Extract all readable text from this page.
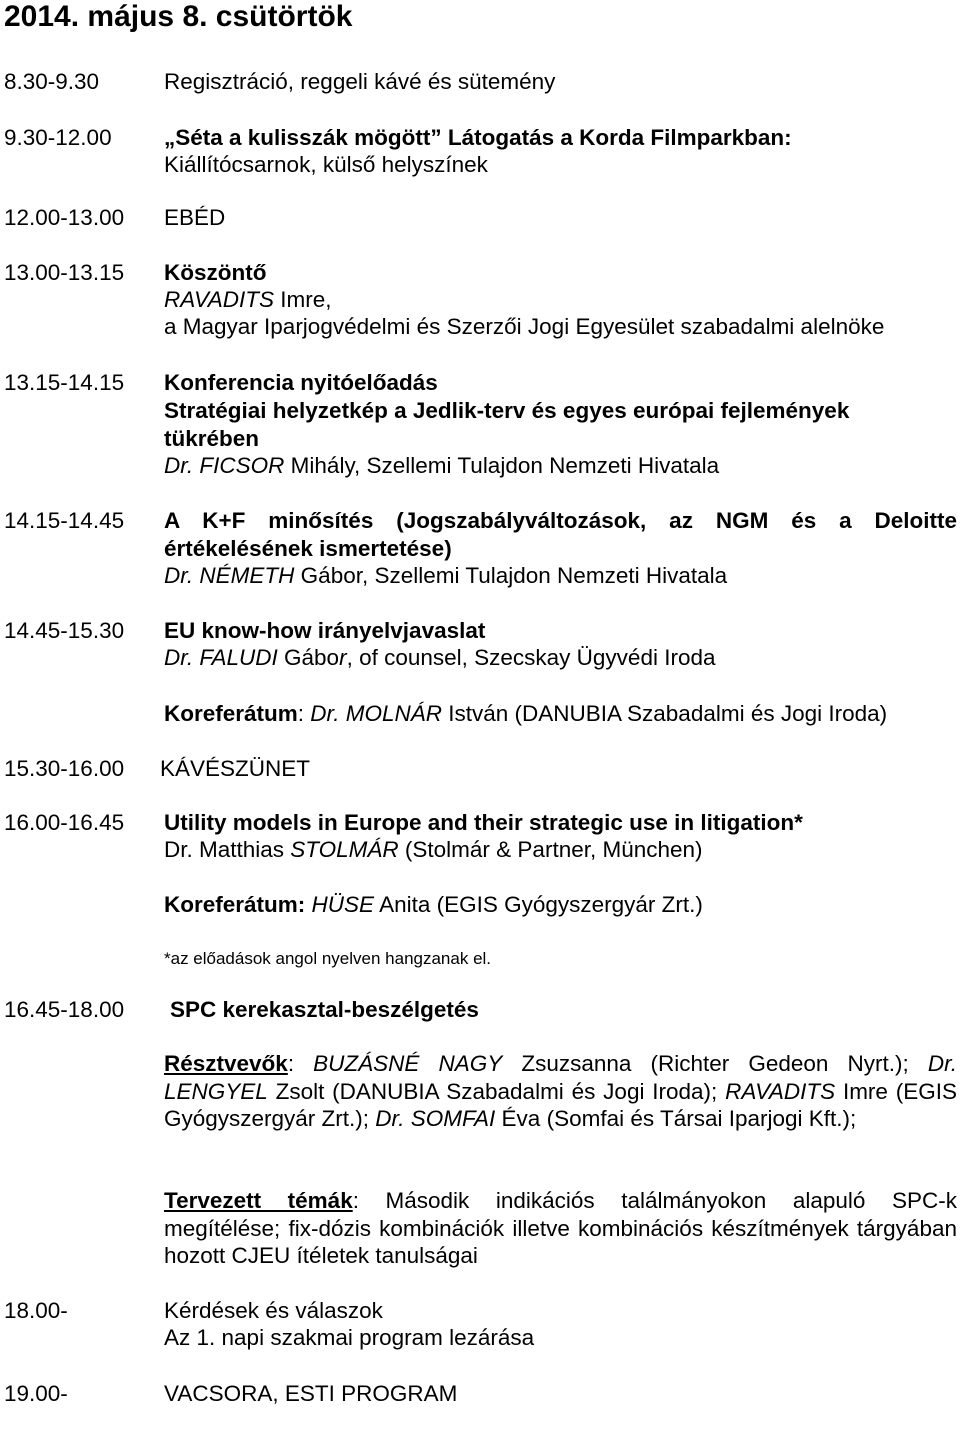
2014. május 8. csütörtök
8.30-9.30	Regisztráció, reggeli kávé és sütemény
9.30-12.00 „Séta a kulisszák mögött” Látogatás a Korda Filmparkban:
Kiállítócsarnok, külső helyszínek
12.00-13.00 EBÉD
13.00-13.15 Köszöntő
RAVADITS Imre,
a Magyar Iparjogvédelmi és Szerzői Jogi Egyesület szabadalmi alelnöke
13.15-14.15 Konferencia nyitóelőadás
Stratégiai helyzetkép a Jedlik-terv és egyes európai fejlemények
tükrében
Dr. FICSOR Mihály, Szellemi Tulajdon Nemzeti Hivatala
14.15-14.45 A K+F minősítés (Jogszabályváltozások, az NGM és a Deloitte
értékelésének ismertetése)
Dr. NÉMETH Gábor, Szellemi Tulajdon Nemzeti Hivatala
14.45-15.30 EU know-how irányelvjavaslat
Dr. FALUDI Gábor, of counsel, Szecskay Ügyvédi Iroda
Koreferátum: Dr. MOLNÁR István (DANUBIA Szabadalmi és Jogi Iroda)
15.30-16.00 KÁVÉSZÜNET
16.00-16.45 Utility models in Europe and their strategic use in litigation*
Dr. Matthias STOLMÁR (Stolmár & Partner, München)
Koreferátum: HÜSE Anita (EGIS Gyógyszergyár Zrt.)
*az előadások angol nyelven hangzanak el.
16.45-18.00 SPC kerekasztal-beszélgetés
Résztvevők: BUZÁSNÉ NAGY Zsuzsanna (Richter Gedeon Nyrt.); Dr. LENGYEL Zsolt (DANUBIA Szabadalmi és Jogi Iroda); RAVADITS Imre (EGIS Gyógyszergyár Zrt.); Dr. SOMFAI Éva (Somfai és Társai Iparjogi Kft.);
Tervezett témák: Második indikációs találmányokon alapuló SPC-k megítélése; fix-dózis kombinációk illetve kombinációs készítmények tárgyában hozott CJEU ítéletek tanulságai
18.00-	Kérdések és válaszok
Az 1. napi szakmai program lezárása
19.00-	VACSORA, ESTI PROGRAM
